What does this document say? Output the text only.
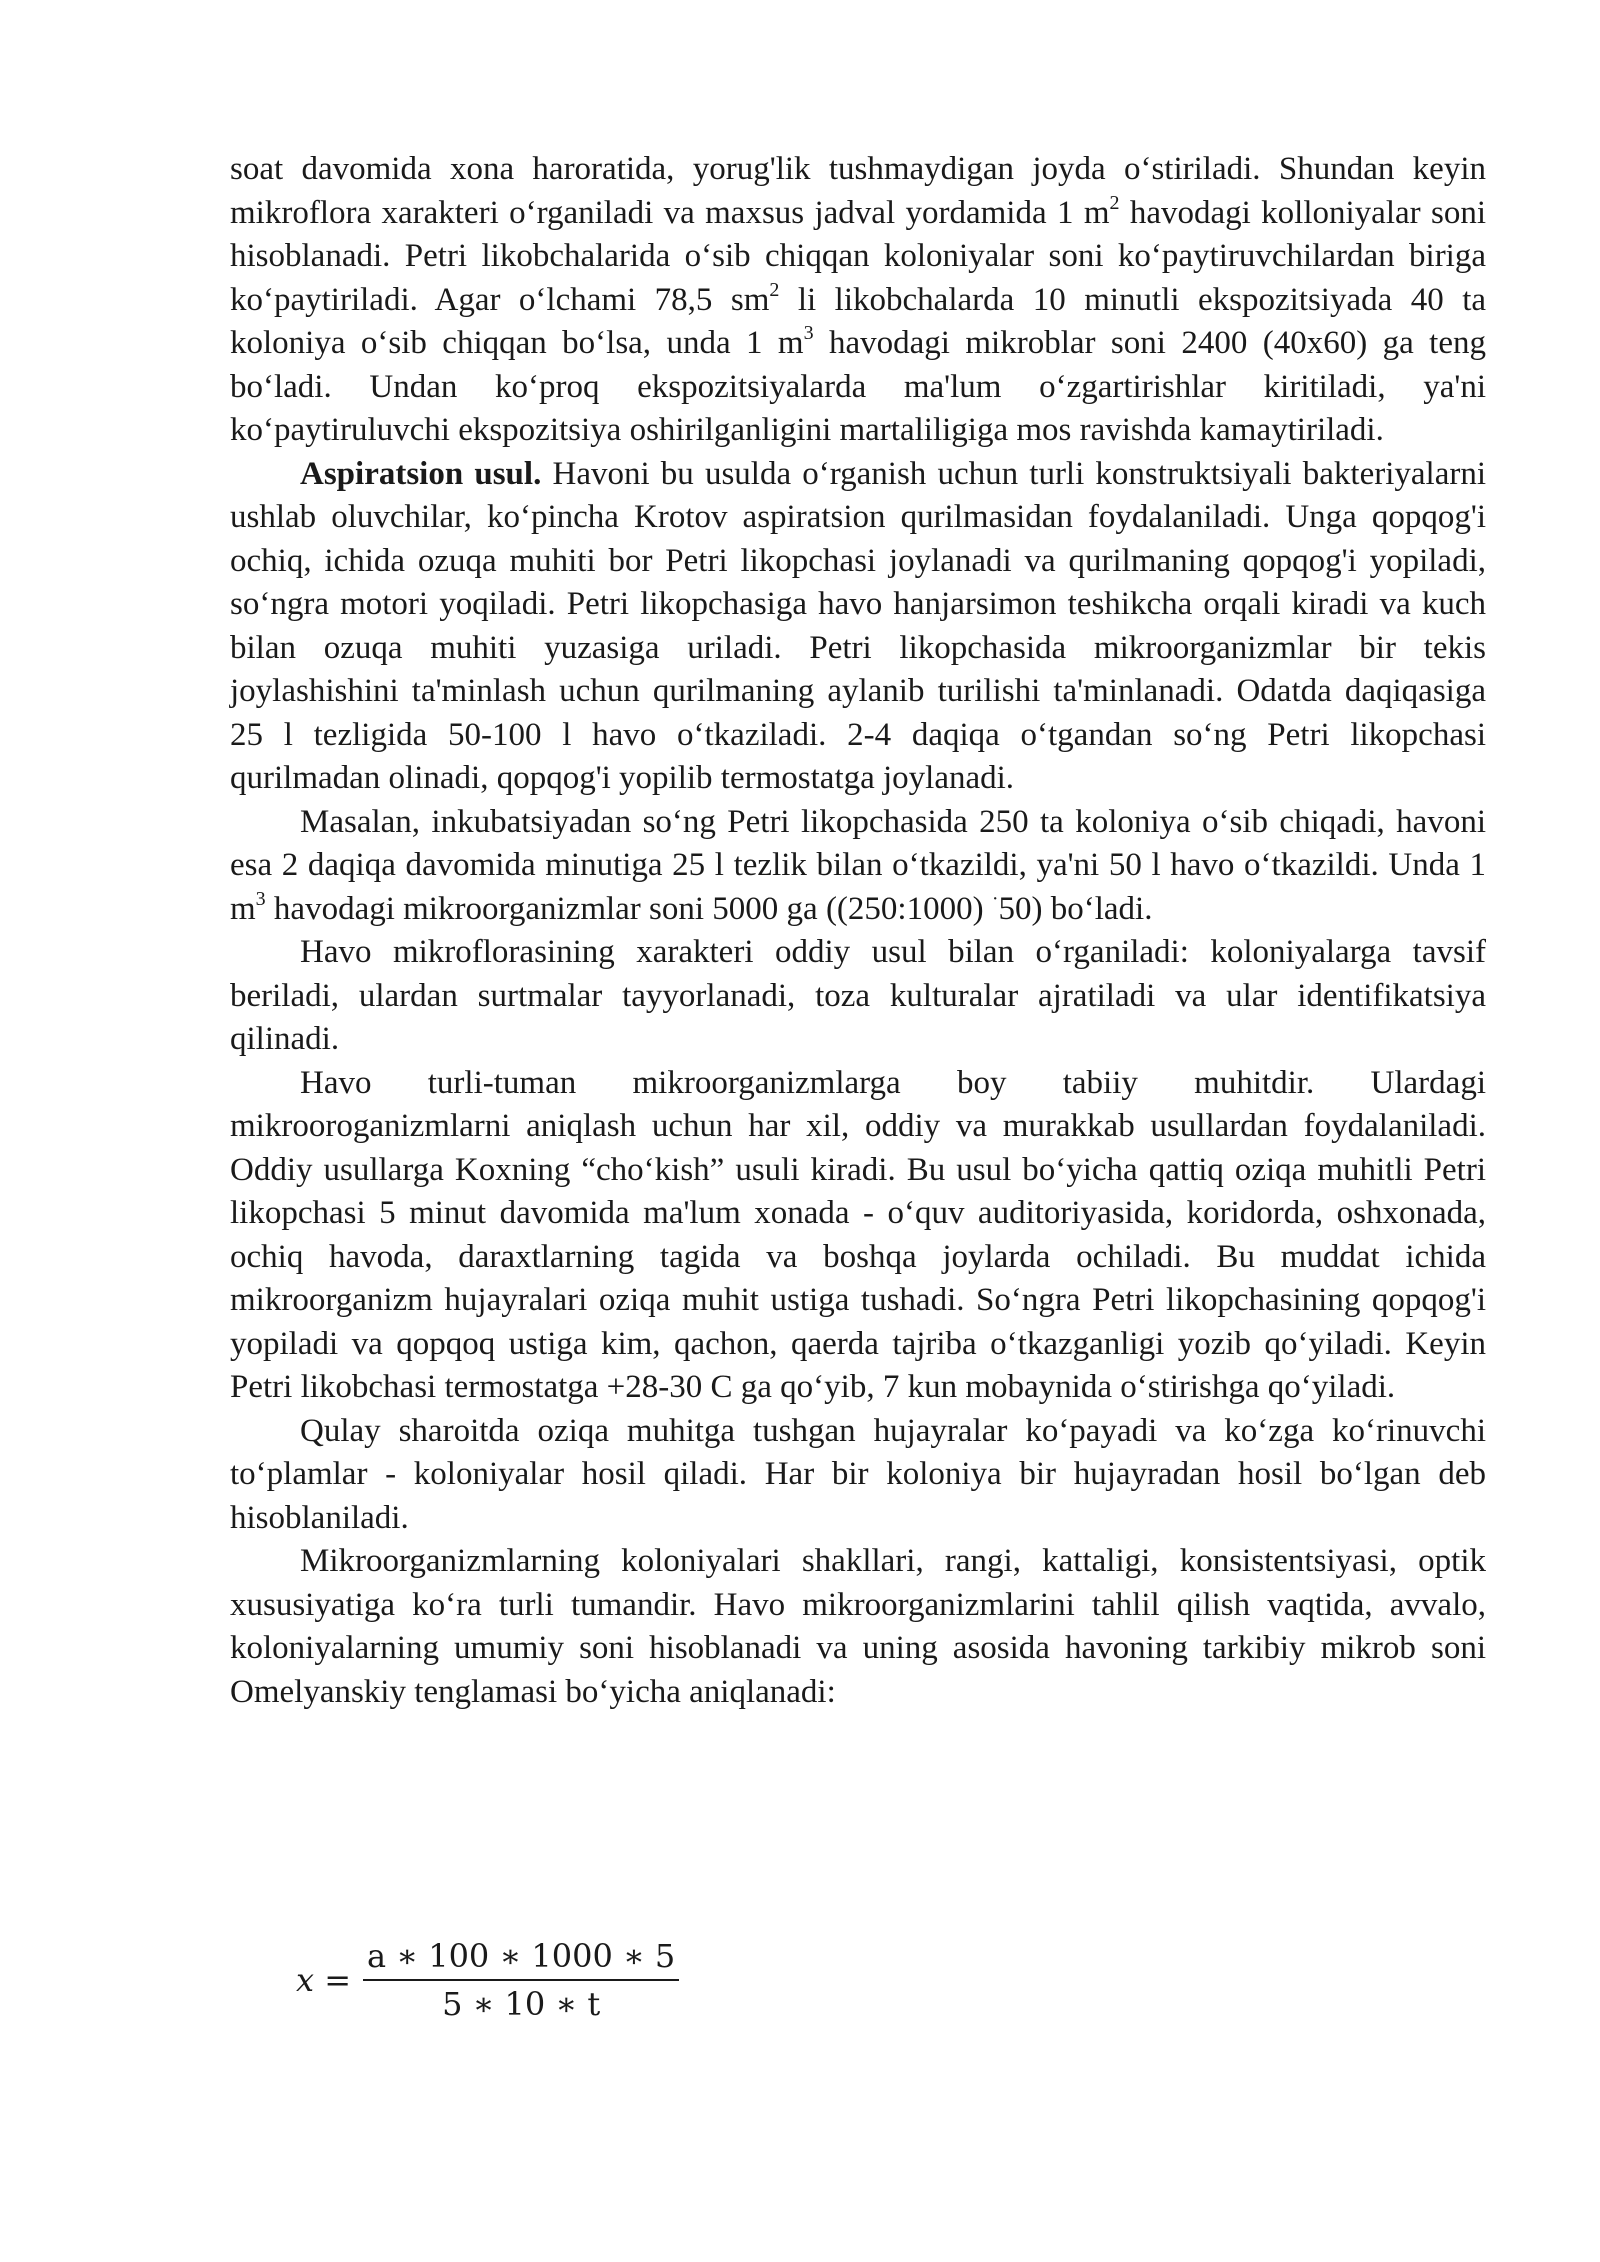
soat davomida xona haroratida, yorug'lik tushmaydigan joyda o‘stiriladi. Shundan keyin mikroflora xarakteri o‘rganiladi va maxsus jadval yordamida 1 $m^2$ havodagi kolloniyalar soni hisoblanadi. Petri likobchalarida o‘sib chiqqan koloniyalar soni ko‘paytiruvchilardan biriga ko‘paytiriladi. Agar o‘lchami 78,5 $sm^2$ li likobchalarda 10 minutli ekspozitsiyada 40 ta koloniya o‘sib chiqqan bo‘lsa, unda 1 $m^3$ havodagi mikroblar soni 2400 (40x60) ga teng bo‘ladi. Undan ko‘proq ekspozitsiyalarda ma'lum o‘zgartirishlar kiritiladi, ya'ni ko‘paytiruluvchi ekspozitsiya oshirilganligini martaliligiga mos ravishda kamaytiriladi.

Aspiratsion usul. Havoni bu usulda o‘rganish uchun turli konstruktsiyali bakteriyalarni ushlab oluvchilar, ko‘pincha Krotov aspiratsion qurilmasidan foydalaniladi. Unga qopqog'i ochiq, ichida ozuqa muhiti bor Petri likopchasi joylanadi va qurilmaning qopqog'i yopiladi, so‘ngra motori yoqiladi. Petri likopchasiga havo hanjarsimon teshikcha orqali kiradi va kuch bilan ozuqa muhiti yuzasiga uriladi. Petri likopchasida mikroorganizmlar bir tekis joylashishini ta'minlash uchun qurilmaning aylanib turilishi ta'minlanadi. Odatda daqiqasiga 25 l tezligida 50-100 l havo o‘tkaziladi. 2-4 daqiqa o‘tgandan so‘ng Petri likopchasi qurilmadan olinadi, qopqog'i yopilib termostatga joylanadi.

Masalan, inkubatsiyadan so‘ng Petri likopchasida 250 ta koloniya o‘sib chiqadi, havoni esa 2 daqiqa davomida minutiga 25 l tezlik bilan o‘tkazildi, ya'ni 50 l havo o‘tkazildi. Unda 1 $m^3$ havodagi mikroorganizmlar soni 5000 ga ((250:1000) ·50) bo‘ladi.

Havo mikroflorasining xarakteri oddiy usul bilan o‘rganiladi: koloniyalarga tavsif beriladi, ulardan surtmalar tayyorlanadi, toza kulturalar ajratiladi va ular identifikatsiya qilinadi.

Havo turli-tuman mikroorganizmlarga boy tabiiy muhitdir. Ulardagi mikrooroganizmlarni aniqlash uchun har xil, oddiy va murakkab usullardan foydalaniladi. Oddiy usullarga Koxning “cho‘kish” usuli kiradi. Bu usul bo‘yicha qattiq oziqa muhitli Petri likopchasi 5 minut davomida ma'lum xonada - o‘quv auditoriyasida, koridorda, oshxonada, ochiq havoda, daraxtlarning tagida va boshqa joylarda ochiladi. Bu muddat ichida mikroorganizm hujayralari oziqa muhit ustiga tushadi. So‘ngra Petri likopchasining qopqog'i yopiladi va qopqoq ustiga kim, qachon, qaerda tajriba o‘tkazganligi yozib qo‘yiladi. Keyin Petri likobchasi termostatga +28-30 C ga qo‘yib, 7 kun mobaynida o‘stirishga qo‘yiladi.

Qulay sharoitda oziqa muhitga tushgan hujayralar ko‘payadi va ko‘zga ko‘rinuvchi to‘plamlar - koloniyalar hosil qiladi. Har bir koloniya bir hujayradan hosil bo‘lgan deb hisoblaniladi.

Mikroorganizmlarning koloniyalari shakllari, rangi, kattaligi, konsistentsiyasi, optik xususiyatiga ko‘ra turli tumandir. Havo mikroorganizmlarini tahlil qilish vaqtida, avvalo, koloniyalarning umumiy soni hisoblanadi va uning asosida havoning tarkibiy mikrob soni Omelyanskiy tenglamasi bo‘yicha aniqlanadi:

$x = \frac{a ∗ 100 ∗ 1000 ∗ 5}{5 ∗ 10 ∗ t}$
